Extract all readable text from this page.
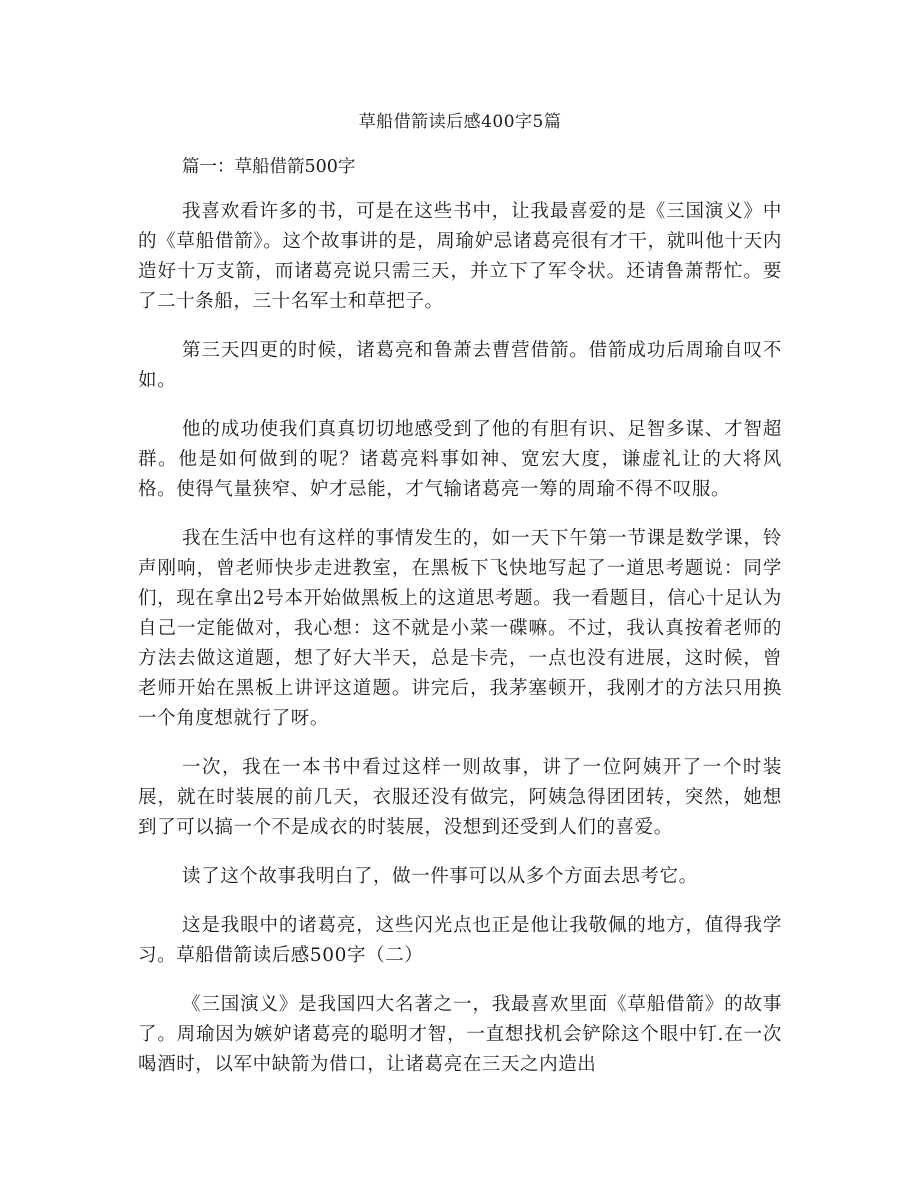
草船借箭读后感400字5篇

篇一：草船借箭500字

我喜欢看许多的书，可是在这些书中，让我最喜爱的是《三国演义》中的《草船借箭》。这个故事讲的是，周瑜妒忌诸葛亮很有才干，就叫他十天内造好十万支箭，而诸葛亮说只需三天，并立下了军令状。还请鲁萧帮忙。要了二十条船，三十名军士和草把子。

第三天四更的时候，诸葛亮和鲁萧去曹营借箭。借箭成功后周瑜自叹不如。

他的成功使我们真真切切地感受到了他的有胆有识、足智多谋、才智超群。他是如何做到的呢？诸葛亮料事如神、宽宏大度，谦虚礼让的大将风格。使得气量狭窄、妒才忌能，才气输诸葛亮一筹的周瑜不得不叹服。

我在生活中也有这样的事情发生的，如一天下午第一节课是数学课，铃声刚响，曾老师快步走进教室，在黑板下飞快地写起了一道思考题说：同学们，现在拿出2号本开始做黑板上的这道思考题。我一看题目，信心十足认为自己一定能做对，我心想：这不就是小菜一碟嘛。不过，我认真按着老师的方法去做这道题，想了好大半天，总是卡壳，一点也没有进展，这时候，曾老师开始在黑板上讲评这道题。讲完后，我茅塞顿开，我刚才的方法只用换一个角度想就行了呀。

一次，我在一本书中看过这样一则故事，讲了一位阿姨开了一个时装展，就在时装展的前几天，衣服还没有做完，阿姨急得团团转，突然，她想到了可以搞一个不是成衣的时装展，没想到还受到人们的喜爱。

读了这个故事我明白了，做一件事可以从多个方面去思考它。

这是我眼中的诸葛亮，这些闪光点也正是他让我敬佩的地方，值得我学习。草船借箭读后感500字（二）

《三国演义》是我国四大名著之一，我最喜欢里面《草船借箭》的故事了。周瑜因为嫉妒诸葛亮的聪明才智，一直想找机会铲除这个眼中钉.在一次喝酒时，以军中缺箭为借口，让诸葛亮在三天之内造出
